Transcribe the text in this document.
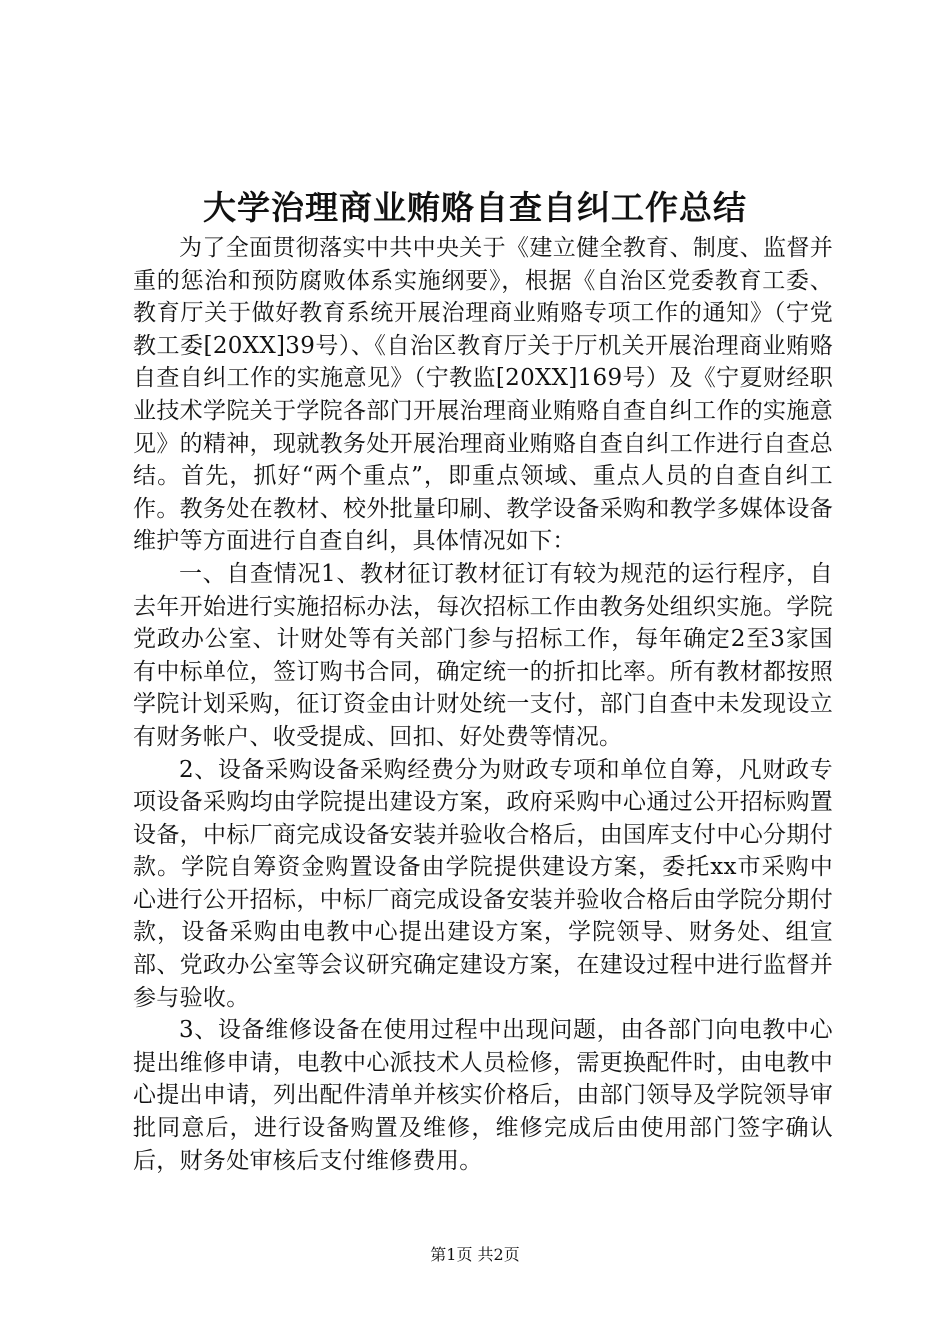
大学治理商业贿赂自查自纠工作总结

为了全面贯彻落实中共中央关于《建立健全教育、制度、监督并重的惩治和预防腐败体系实施纲要》，根据《自治区党委教育工委、教育厅关于做好教育系统开展治理商业贿赂专项工作的通知》（宁党教工委[20XX]39号）、《自治区教育厅关于厅机关开展治理商业贿赂自查自纠工作的实施意见》（宁教监[20XX]169号）及《宁夏财经职业技术学院关于学院各部门开展治理商业贿赂自查自纠工作的实施意见》的精神，现就教务处开展治理商业贿赂自查自纠工作进行自查总结。首先，抓好“两个重点”，即重点领域、重点人员的自查自纠工作。教务处在教材、校外批量印刷、教学设备采购和教学多媒体设备维护等方面进行自查自纠，具体情况如下：

一、自查情况1、教材征订教材征订有较为规范的运行程序，自去年开始进行实施招标办法，每次招标工作由教务处组织实施。学院党政办公室、计财处等有关部门参与招标工作，每年确定2至3家国有中标单位，签订购书合同，确定统一的折扣比率。所有教材都按照学院计划采购，征订资金由计财处统一支付，部门自查中未发现设立有财务帐户、收受提成、回扣、好处费等情况。

2、设备采购设备采购经费分为财政专项和单位自筹，凡财政专项设备采购均由学院提出建设方案，政府采购中心通过公开招标购置设备，中标厂商完成设备安装并验收合格后，由国库支付中心分期付款。学院自筹资金购置设备由学院提供建设方案，委托xx市采购中心进行公开招标，中标厂商完成设备安装并验收合格后由学院分期付款，设备采购由电教中心提出建设方案，学院领导、财务处、组宣部、党政办公室等会议研究确定建设方案，在建设过程中进行监督并参与验收。

3、设备维修设备在使用过程中出现问题，由各部门向电教中心提出维修申请，电教中心派技术人员检修，需更换配件时，由电教中心提出申请，列出配件清单并核实价格后，由部门领导及学院领导审批同意后，进行设备购置及维修，维修完成后由使用部门签字确认后，财务处审核后支付维修费用。

第1页 共2页
